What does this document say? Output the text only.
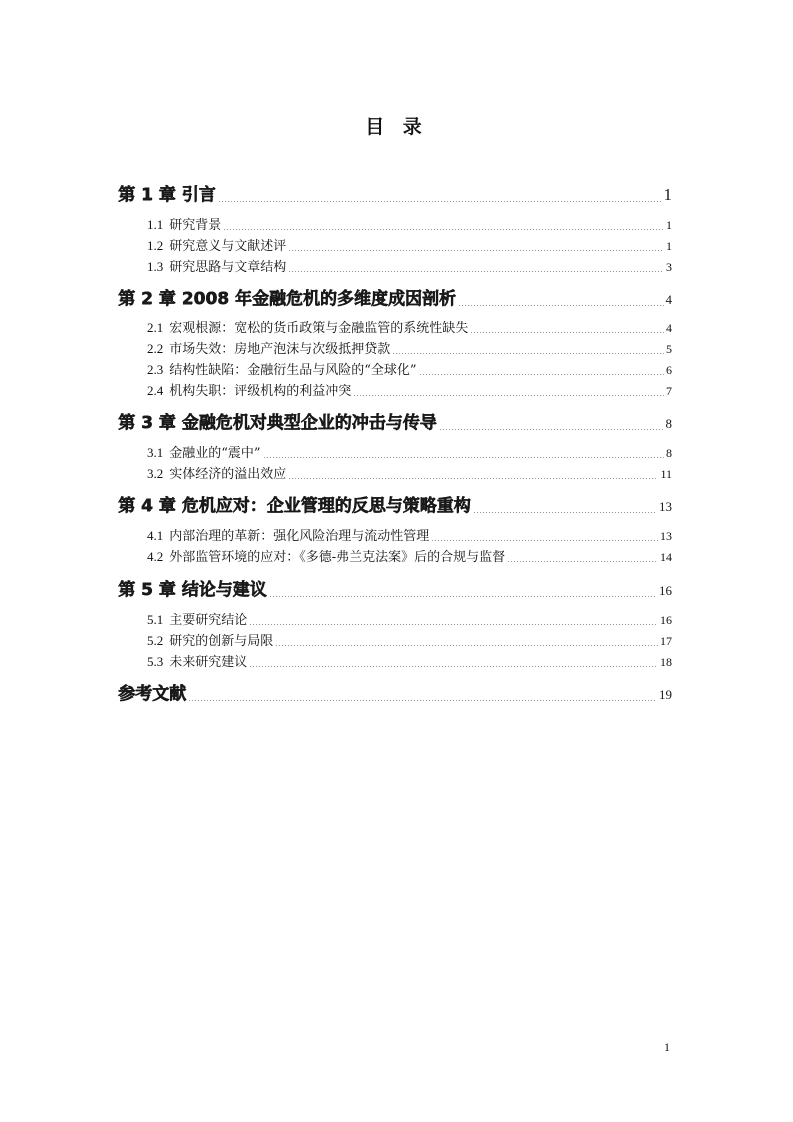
目 录
第 1 章 引言	1
1.1 研究背景	1
1.2 研究意义与文献述评	1
1.3 研究思路与文章结构	3
第 2 章 2008 年金融危机的多维度成因剖析	4
2.1 宏观根源：宽松的货币政策与金融监管的系统性缺失	4
2.2 市场失效：房地产泡沫与次级抵押贷款	5
2.3 结构性缺陷：金融衍生品与风险的“全球化”	6
2.4 机构失职：评级机构的利益冲突	7
第 3 章 金融危机对典型企业的冲击与传导	8
3.1 金融业的“震中”	8
3.2 实体经济的溢出效应	11
第 4 章 危机应对：企业管理的反思与策略重构	13
4.1 内部治理的革新：强化风险治理与流动性管理	13
4.2 外部监管环境的应对：《多德-弗兰克法案》后的合规与监督	14
第 5 章 结论与建议	16
5.1 主要研究结论	16
5.2 研究的创新与局限	17
5.3 未来研究建议	18
参考文献	19
1
